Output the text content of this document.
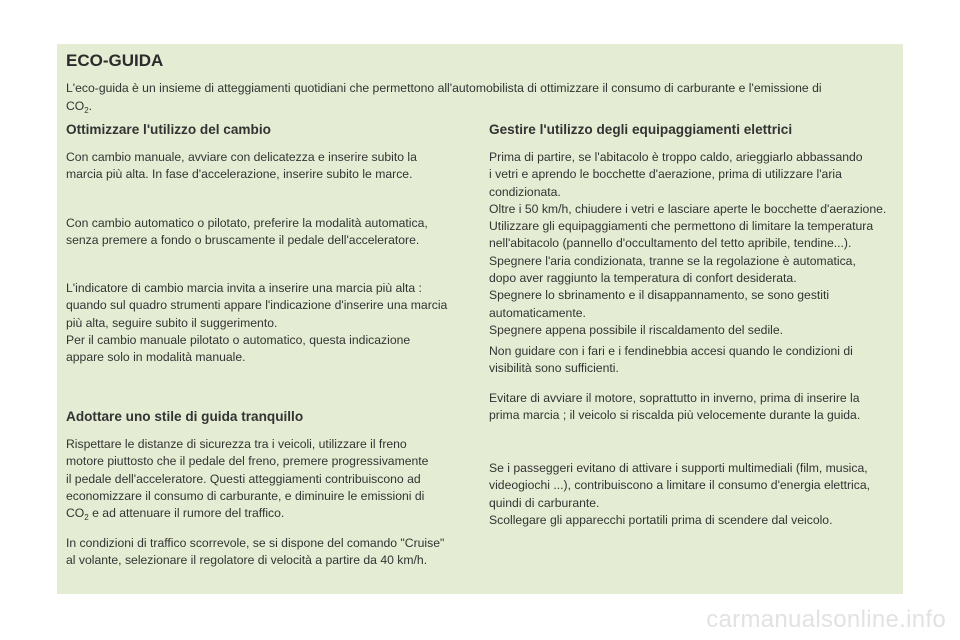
ECO-GUIDA

L'eco-guida è un insieme di atteggiamenti quotidiani che permettono all'automobilista di ottimizzare il consumo di carburante e l'emissione di
$CO_2$.

Ottimizzare l'utilizzo del cambio

Con cambio manuale, avviare con delicatezza e inserire subito la
marcia più alta. In fase d'accelerazione, inserire subito le marce.

Con cambio automatico o pilotato, preferire la modalità automatica,
senza premere a fondo o bruscamente il pedale dell'acceleratore.

L'indicatore di cambio marcia invita a inserire una marcia più alta :
quando sul quadro strumenti appare l'indicazione d'inserire una marcia
più alta, seguire subito il suggerimento.
Per il cambio manuale pilotato o automatico, questa indicazione
appare solo in modalità manuale.

Adottare uno stile di guida tranquillo

Rispettare le distanze di sicurezza tra i veicoli, utilizzare il freno
motore piuttosto che il pedale del freno, premere progressivamente
il pedale dell'acceleratore. Questi atteggiamenti contribuiscono ad
economizzare il consumo di carburante, e diminuire le emissioni di
$CO_2$ e ad attenuare il rumore del traffico.

In condizioni di traffico scorrevole, se si dispone del comando "Cruise"
al volante, selezionare il regolatore di velocità a partire da 40 km/h.

Gestire l'utilizzo degli equipaggiamenti elettrici

Prima di partire, se l'abitacolo è troppo caldo, arieggiarlo abbassando
i vetri e aprendo le bocchette d'aerazione, prima di utilizzare l'aria
condizionata.
Oltre i 50 km/h, chiudere i vetri e lasciare aperte le bocchette d'aerazione.
Utilizzare gli equipaggiamenti che permettono di limitare la temperatura
nell'abitacolo (pannello d'occultamento del tetto apribile, tendine...).
Spegnere l'aria condizionata, tranne se la regolazione è automatica,
dopo aver raggiunto la temperatura di confort desiderata.
Spegnere lo sbrinamento e il disappannamento, se sono gestiti
automaticamente.
Spegnere appena possibile il riscaldamento del sedile.

Non guidare con i fari e i fendinebbia accesi quando le condizioni di
visibilità sono sufficienti.

Evitare di avviare il motore, soprattutto in inverno, prima di inserire la
prima marcia ; il veicolo si riscalda più velocemente durante la guida.

Se i passeggeri evitano di attivare i supporti multimediali (film, musica,
videogiochi ...), contribuiscono a limitare il consumo d'energia elettrica,
quindi di carburante.
Scollegare gli apparecchi portatili prima di scendere dal veicolo.

carmanualsonline.info
